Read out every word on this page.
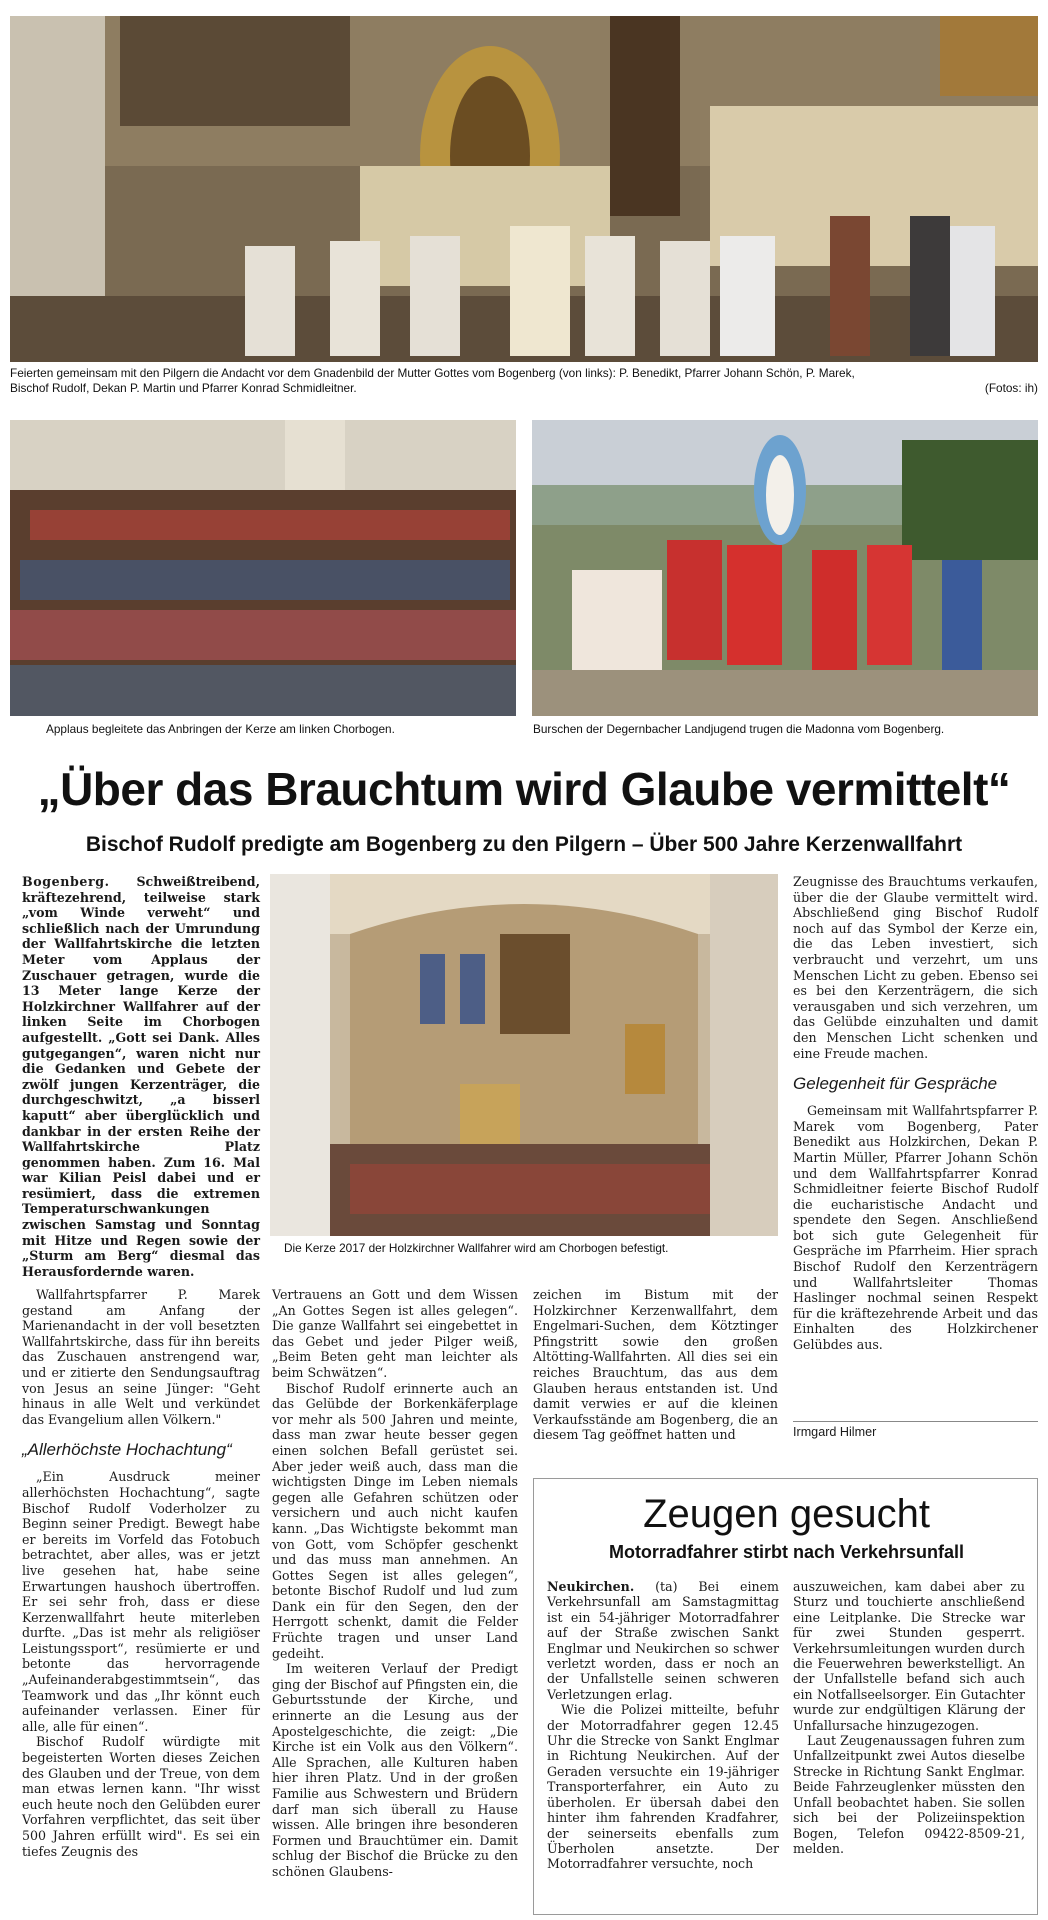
Feierten gemeinsam mit den Pilgern die Andacht vor dem Gnadenbild der Mutter Gottes vom Bogenberg (von links): P. Benedikt, Pfarrer Johann Schön, P. Marek,
Bischof Rudolf, Dekan P. Martin und Pfarrer Konrad Schmidleitner.	(Fotos: ih)
Applaus begleitete das Anbringen der Kerze am linken Chorbogen.	Burschen der Degernbacher Landjugend trugen die Madonna vom Bogenberg.
„Über das Brauchtum wird Glaube vermittelt“
Bischof Rudolf predigte am Bogenberg zu den Pilgern – Über 500 Jahre Kerzenwallfahrt
Die Kerze 2017 der Holzkirchner Wallfahrer wird am Chorbogen befestigt.

Bogenberg. Schweißtreibend, kräftezehrend, teilweise stark „vom Winde verweht“ und schließlich nach der Umrundung der Wallfahrtskirche die letzten Meter vom Applaus der Zuschauer getragen, wurde die 13 Meter lange Kerze der Holzkirchner Wallfahrer auf der linken Seite im Chorbogen aufgestellt. „Gott sei Dank. Alles gutgegangen“, waren nicht nur die Gedanken und Gebete der zwölf jungen Kerzenträger, die durchgeschwitzt, „a bisserl kaputt“ aber überglücklich und dankbar in der ersten Reihe der Wallfahrtskirche Platz genommen haben. Zum 16. Mal war Kilian Peisl dabei und er resümiert, dass die extremen Temperaturschwankungen zwischen Samstag und Sonntag mit Hitze und Regen sowie der „Sturm am Berg“ diesmal das Herausfordernde waren.

Wallfahrtspfarrer P. Marek gestand am Anfang der Marienandacht in der voll besetzten Wallfahrtskirche, dass für ihn bereits das Zuschauen anstrengend war, und er zitierte den Sendungsauftrag von Jesus an seine Jünger: "Geht hinaus in alle Welt und verkündet das Evangelium allen Völkern."

„Allerhöchste Hochachtung“

„Ein Ausdruck meiner allerhöchsten Hochachtung“, sagte Bischof Rudolf Voderholzer zu Beginn seiner Predigt. Bewegt habe er bereits im Vorfeld das Fotobuch betrachtet, aber alles, was er jetzt live gesehen hat, habe seine Erwartungen haushoch übertroffen. Er sei sehr froh, dass er diese Kerzenwallfahrt heute miterleben durfte. „Das ist mehr als religiöser Leistungssport“, resümierte er und betonte das hervorragende „Aufeinanderabgestimmtsein“, das Teamwork und das „Ihr könnt euch aufeinander verlassen. Einer für alle, alle für einen“.

Bischof Rudolf würdigte mit begeisterten Worten dieses Zeichen des Glauben und der Treue, von dem man etwas lernen kann. "Ihr wisst euch heute noch den Gelübden eurer Vorfahren verpflichtet, das seit über 500 Jahren erfüllt wird". Es sei ein tiefes Zeugnis des

Vertrauens an Gott und dem Wissen „An Gottes Segen ist alles gelegen“. Die ganze Wallfahrt sei eingebettet in das Gebet und jeder Pilger weiß, „Beim Beten geht man leichter als beim Schwätzen“.

Bischof Rudolf erinnerte auch an das Gelübde der Borkenkäferplage vor mehr als 500 Jahren und meinte, dass man zwar heute besser gegen einen solchen Befall gerüstet sei. Aber jeder weiß auch, dass man die wichtigsten Dinge im Leben niemals gegen alle Gefahren schützen oder versichern und auch nicht kaufen kann. „Das Wichtigste bekommt man von Gott, vom Schöpfer geschenkt und das muss man annehmen. An Gottes Segen ist alles gelegen“, betonte Bischof Rudolf und lud zum Dank ein für den Segen, den der Herrgott schenkt, damit die Felder Früchte tragen und unser Land gedeiht.

Im weiteren Verlauf der Predigt ging der Bischof auf Pfingsten ein, die Geburtsstunde der Kirche, und erinnerte an die Lesung aus der Apostelgeschichte, die zeigt: „Die Kirche ist ein Volk aus den Völkern“. Alle Sprachen, alle Kulturen haben hier ihren Platz. Und in der großen Familie aus Schwestern und Brüdern darf man sich überall zu Hause wissen. Alle bringen ihre besonderen Formen und Brauchtümer ein. Damit schlug der Bischof die Brücke zu den schönen Glaubens-

zeichen im Bistum mit der Holzkirchner Kerzenwallfahrt, dem Engelmari-Suchen, dem Kötztinger Pfingstritt sowie den großen Altötting-Wallfahrten. All dies sei ein reiches Brauchtum, das aus dem Glauben heraus entstanden ist. Und damit verwies er auf die kleinen Verkaufsstände am Bogenberg, die an diesem Tag geöffnet hatten und

Zeugnisse des Brauchtums verkaufen, über die der Glaube vermittelt wird. Abschließend ging Bischof Rudolf noch auf das Symbol der Kerze ein, die das Leben investiert, sich verbraucht und verzehrt, um uns Menschen Licht zu geben. Ebenso sei es bei den Kerzenträgern, die sich verausgaben und sich verzehren, um das Gelübde einzuhalten und damit den Menschen Licht schenken und eine Freude machen.

Gelegenheit für Gespräche

Gemeinsam mit Wallfahrtspfarrer P. Marek vom Bogenberg, Pater Benedikt aus Holzkirchen, Dekan P. Martin Müller, Pfarrer Johann Schön und dem Wallfahrtspfarrer Konrad Schmidleitner feierte Bischof Rudolf die eucharistische Andacht und spendete den Segen. Anschließend bot sich gute Gelegenheit für Gespräche im Pfarrheim. Hier sprach Bischof Rudolf den Kerzenträgern und Wallfahrtsleiter Thomas Haslinger nochmal seinen Respekt für die kräftezehrende Arbeit und das Einhalten des Holzkirchener Gelübdes aus.

Irmgard Hilmer

Zeugen gesucht
Motorradfahrer stirbt nach Verkehrsunfall

Neukirchen. (ta) Bei einem Verkehrsunfall am Samstagmittag ist ein 54-jähriger Motorradfahrer auf der Straße zwischen Sankt Englmar und Neukirchen so schwer verletzt worden, dass er noch an der Unfallstelle seinen schweren Verletzungen erlag.

Wie die Polizei mitteilte, befuhr der Motorradfahrer gegen 12.45 Uhr die Strecke von Sankt Englmar in Richtung Neukirchen. Auf der Geraden versuchte ein 19-jähriger Transporterfahrer, ein Auto zu überholen. Er übersah dabei den hinter ihm fahrenden Kradfahrer, der seinerseits ebenfalls zum Überholen ansetzte. Der Motorradfahrer versuchte, noch

auszuweichen, kam dabei aber zu Sturz und touchierte anschließend eine Leitplanke. Die Strecke war für zwei Stunden gesperrt. Verkehrsumleitungen wurden durch die Feuerwehren bewerkstelligt. An der Unfallstelle befand sich auch ein Notfallseelsorger. Ein Gutachter wurde zur endgültigen Klärung der Unfallursache hinzugezogen.

Laut Zeugenaussagen fuhren zum Unfallzeitpunkt zwei Autos dieselbe Strecke in Richtung Sankt Englmar. Beide Fahrzeuglenker müssten den Unfall beobachtet haben. Sie sollen sich bei der Polizeiinspektion Bogen, Telefon 09422-8509-21, melden.
